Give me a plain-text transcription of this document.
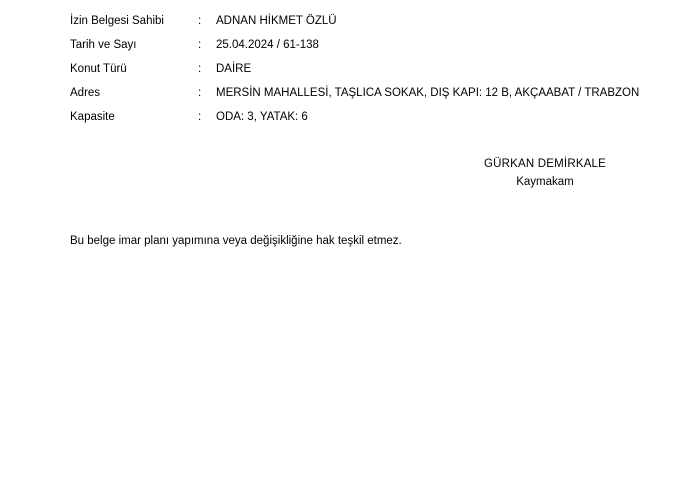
İzin Belgesi Sahibi	:	ADNAN HİKMET ÖZLÜ
Tarih ve Sayı	:	25.04.2024 / 61-138
Konut Türü	:	DAİRE
Adres	:	MERSİN MAHALLESİ, TAŞLICA SOKAK, DIŞ KAPI: 12 B, AKÇAABAT / TRABZON
Kapasite	:	ODA: 3, YATAK: 6
GÜRKAN DEMİRKALE
Kaymakam
Bu belge imar planı yapımına veya değişikliğine hak teşkil etmez.
